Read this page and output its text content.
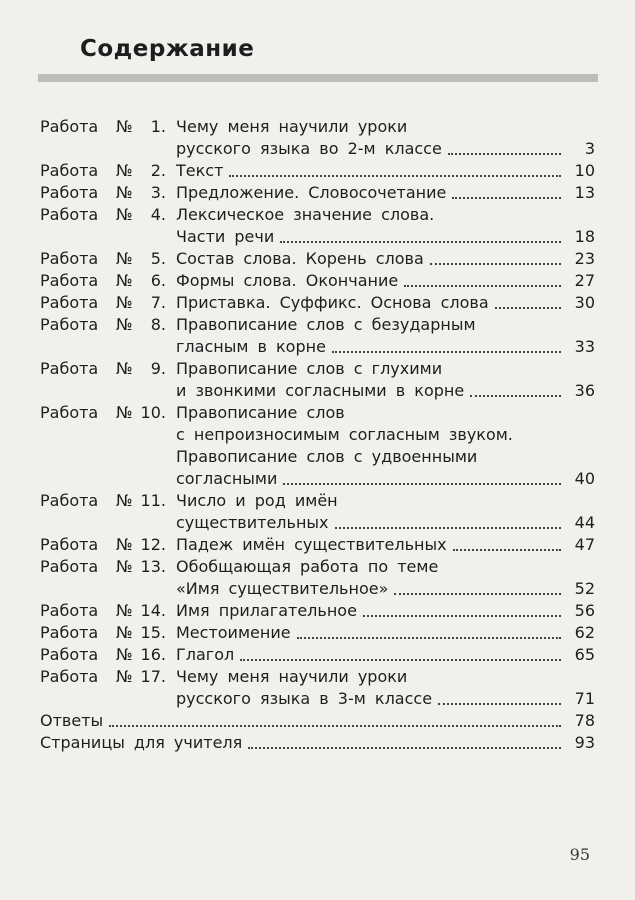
Содержание
Работа	№	1. Чему меня научили уроки
русского языка во 2-м классе	3
Работа	№	2. Текст	10
Работа	№	3. Предложение. Словосочетание	13
Работа	№	4. Лексическое значение слова.
Части речи	18
Работа	№	5. Состав слова. Корень слова	23
Работа	№	6. Формы слова. Окончание	27
Работа	№	7. Приставка. Суффикс. Основа слова	30
Работа	№	8. Правописание слов с безударным
гласным в корне	33
Работа	№	9. Правописание слов с глухими
и звонкими согласными в корне	36
Работа	№ 10. Правописание слов
с непроизносимым согласным звуком.
Правописание слов с удвоенными
согласными	40
Работа	№ 11. Число и род имён
существительных	44
Работа	№ 12. Падеж имён существительных	47
Работа	№ 13. Обобщающая работа по теме
«Имя существительное»	52
Работа	№ 14. Имя прилагательное	56
Работа	№ 15. Местоимение	62
Работа	№ 16. Глагол	65
Работа	№ 17. Чему меня научили уроки
русского языка в 3-м классе	71
Ответы	78
Страницы для учителя	93
95
